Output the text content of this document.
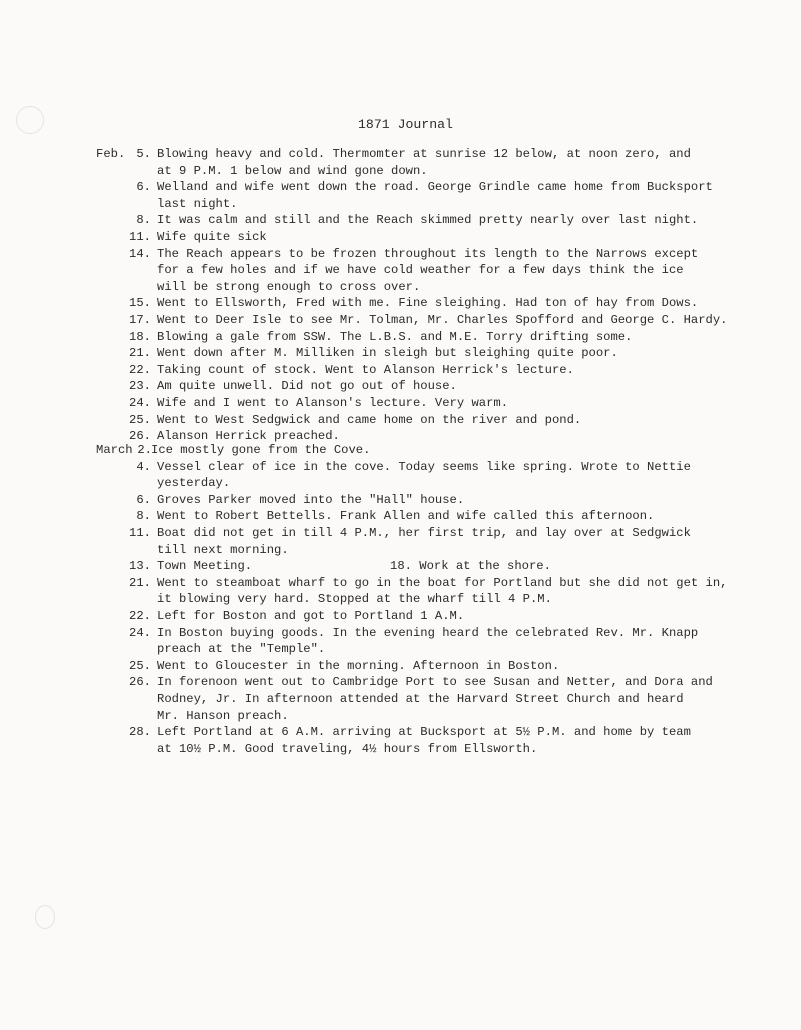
1871 Journal
Feb. 5. Blowing heavy and cold. Thermomter at sunrise 12 below, at noon zero, and
at 9 P.M. 1 below and wind gone down.
6. Welland and wife went down the road. George Grindle came home from Bucksport
last night.
8. It was calm and still and the Reach skimmed pretty nearly over last night.
11. Wife quite sick
14. The Reach appears to be frozen throughout its length to the Narrows except
for a few holes and if we have cold weather for a few days think the ice
will be strong enough to cross over.
15. Went to Ellsworth, Fred with me. Fine sleighing. Had ton of hay from Dows.
17. Went to Deer Isle to see Mr. Tolman, Mr. Charles Spofford and George C. Hardy.
18. Blowing a gale from SSW. The L.B.S. and M.E. Torry drifting some.
21. Went down after M. Milliken in sleigh but sleighing quite poor.
22. Taking count of stock. Went to Alanson Herrick's lecture.
23. Am quite unwell. Did not go out of house.
24. Wife and I went to Alanson's lecture. Very warm.
25. Went to West Sedgwick and came home on the river and pond.
26. Alanson Herrick preached.
March 2. Ice mostly gone from the Cove.
4. Vessel clear of ice in the cove. Today seems like spring. Wrote to Nettie
yesterday.
6. Groves Parker moved into the "Hall" house.
8. Went to Robert Bettells. Frank Allen and wife called this afternoon.
11. Boat did not get in till 4 P.M., her first trip, and lay over at Sedgwick
till next morning.
13. Town Meeting.	18. Work at the shore.
21. Went to steamboat wharf to go in the boat for Portland but she did not get in,
it blowing very hard. Stopped at the wharf till 4 P.M.
22. Left for Boston and got to Portland 1 A.M.
24. In Boston buying goods. In the evening heard the celebrated Rev. Mr. Knapp
preach at the "Temple".
25. Went to Gloucester in the morning. Afternoon in Boston.
26. In forenoon went out to Cambridge Port to see Susan and Netter, and Dora and
Rodney, Jr. In afternoon attended at the Harvard Street Church and heard
Mr. Hanson preach.
28. Left Portland at 6 A.M. arriving at Bucksport at 5½ P.M. and home by team
at 10½ P.M. Good traveling, 4½ hours from Ellsworth.
